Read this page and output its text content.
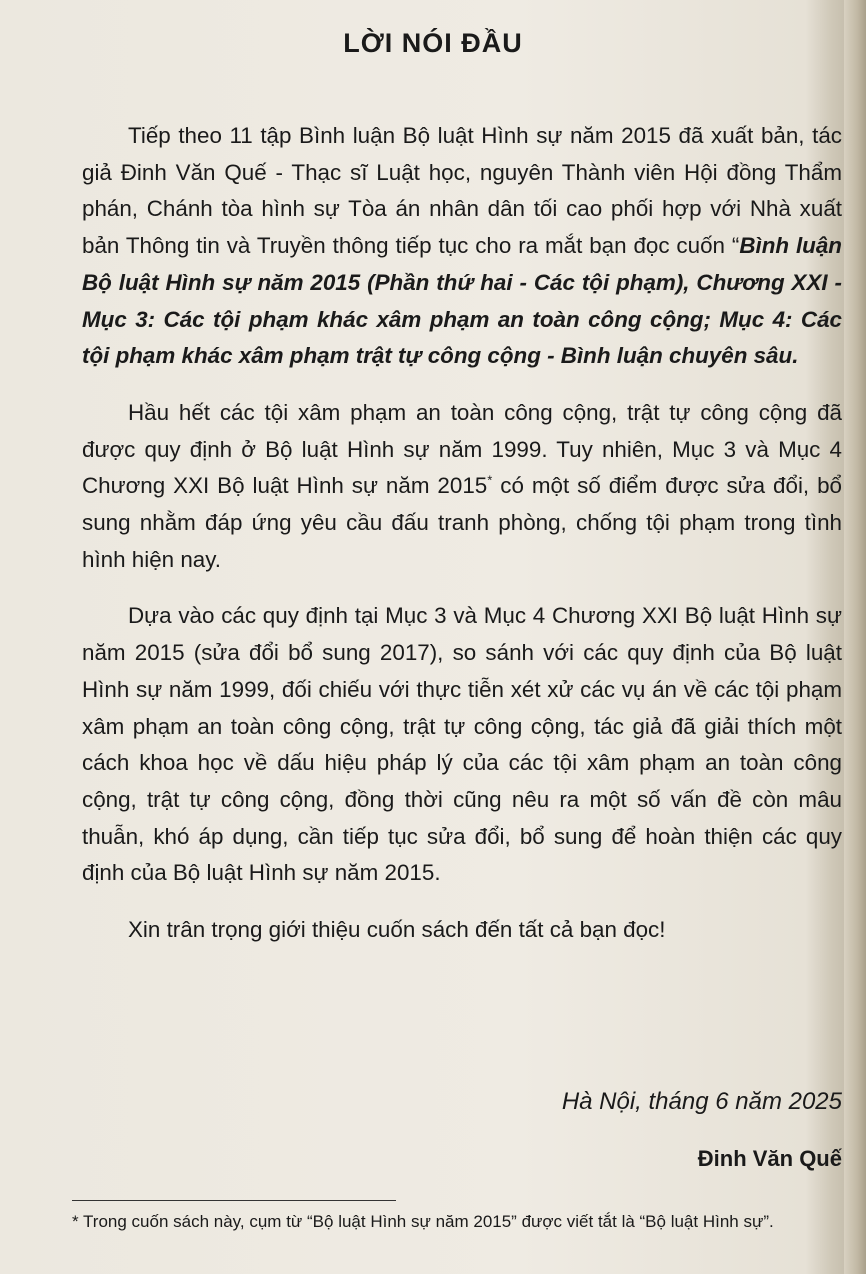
LỜI NÓI ĐẦU

Tiếp theo 11 tập Bình luận Bộ luật Hình sự năm 2015 đã xuất bản, tác giả Đinh Văn Quế - Thạc sĩ Luật học, nguyên Thành viên Hội đồng Thẩm phán, Chánh tòa hình sự Tòa án nhân dân tối cao phối hợp với Nhà xuất bản Thông tin và Truyền thông tiếp tục cho ra mắt bạn đọc cuốn “Bình luận Bộ luật Hình sự năm 2015 (Phần thứ hai - Các tội phạm), Chương XXI - Mục 3: Các tội phạm khác xâm phạm an toàn công cộng; Mục 4: Các tội phạm khác xâm phạm trật tự công cộng - Bình luận chuyên sâu.

Hầu hết các tội xâm phạm an toàn công cộng, trật tự công cộng đã được quy định ở Bộ luật Hình sự năm 1999. Tuy nhiên, Mục 3 và Mục 4 Chương XXI Bộ luật Hình sự năm 2015* có một số điểm được sửa đổi, bổ sung nhằm đáp ứng yêu cầu đấu tranh phòng, chống tội phạm trong tình hình hiện nay.

Dựa vào các quy định tại Mục 3 và Mục 4 Chương XXI Bộ luật Hình sự năm 2015 (sửa đổi bổ sung 2017), so sánh với các quy định của Bộ luật Hình sự năm 1999, đối chiếu với thực tiễn xét xử các vụ án về các tội phạm xâm phạm an toàn công cộng, trật tự công cộng, tác giả đã giải thích một cách khoa học về dấu hiệu pháp lý của các tội xâm phạm an toàn công cộng, trật tự công cộng, đồng thời cũng nêu ra một số vấn đề còn mâu thuẫn, khó áp dụng, cần tiếp tục sửa đổi, bổ sung để hoàn thiện các quy định của Bộ luật Hình sự năm 2015.

Xin trân trọng giới thiệu cuốn sách đến tất cả bạn đọc!

Hà Nội, tháng 6 năm 2025
Đinh Văn Quế
* Trong cuốn sách này, cụm từ “Bộ luật Hình sự năm 2015” được viết tắt là “Bộ luật Hình sự”.
